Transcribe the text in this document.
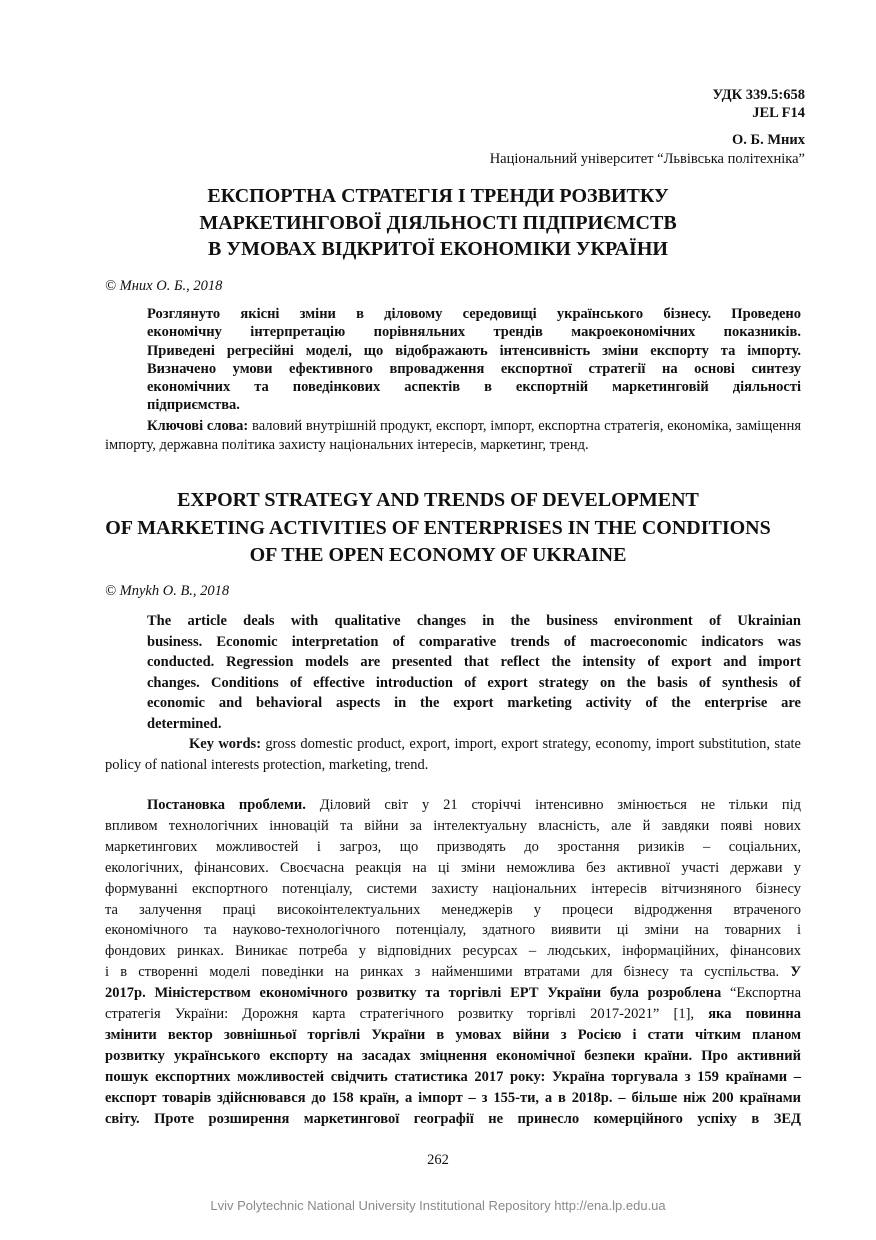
УДК 339.5:658
JEL F14
О. Б. Мних
Національний університет “Львівська політехніка”
ЕКСПОРТНА СТРАТЕГІЯ І ТРЕНДИ РОЗВИТКУ
МАРКЕТИНГОВОЇ ДІЯЛЬНОСТІ ПІДПРИЄМСТВ
В УМОВАХ ВІДКРИТОЇ ЕКОНОМІКИ УКРАЇНИ
© Мних О. Б., 2018
Розглянуто якісні зміни в діловому середовищі українського бізнесу. Проведено
економічну інтерпретацію порівняльних трендів макроекономічних показників.
Приведені регресійні моделі, що відображають інтенсивність зміни експорту та імпорту.
Визначено умови ефективного впровадження експортної стратегії на основі синтезу
економічних та поведінкових аспектів в експортній маркетинговій діяльності
підприємства.
Ключові слова: валовий внутрішній продукт, експорт, імпорт, експортна стратегія, економіка, заміщення імпорту, державна політика захисту національних інтересів, маркетинг, тренд.
EXPORT STRATEGY AND TRENDS OF DEVELOPMENT
OF MARKETING ACTIVITIES OF ENTERPRISES IN THE CONDITIONS
OF THE OPEN ECONOMY OF UKRAINE
© Mnykh O. B., 2018
The article deals with qualitative changes in the business environment of Ukrainian
business. Economic interpretation of comparative trends of macroeconomic indicators was
conducted. Regression models are presented that reflect the intensity of export and import
changes. Conditions of effective introduction of export strategy on the basis of synthesis of
economic and behavioral aspects in the export marketing activity of the enterprise are
determined.
Key words: gross domestic product, export, import, export strategy, economy, import substitution, state policy of national interests protection, marketing, trend.
Постановка проблеми. Діловий світ у 21 сторіччі інтенсивно змінюється не тільки під
впливом технологічних інновацій та війни за інтелектуальну власність, але й завдяки появі нових
маркетингових можливостей і загроз, що призводять до зростання ризиків – соціальних,
екологічних, фінансових. Своєчасна реакція на ці зміни неможлива без активної участі держави у
формуванні експортного потенціалу, системи захисту національних інтересів вітчизняного бізнесу
та залучення праці високоінтелектуальних менеджерів у процеси відродження втраченого
економічного та науково-технологічного потенціалу, здатного виявити ці зміни на товарних і
фондових ринках. Виникає потреба у відповідних ресурсах – людських, інформаційних, фінансових
і в створенні моделі поведінки на ринках з найменшими втратами для бізнесу та суспільства. У
2017р. Міністерством економічного розвитку та торгівлі ЕРТ України була розроблена “Експортна
стратегія України: Дорожня карта стратегічного розвитку торгівлі 2017-2021” [1], яка повинна
змінити вектор зовнішньої торгівлі України в умовах війни з Росією і стати чітким планом
розвитку українського експорту на засадах зміцнення економічної безпеки країни. Про активний
пошук експортних можливостей свідчить статистика 2017 року: Україна торгувала з 159 країнами –
експорт товарів здійснювався до 158 країн, а імпорт – з 155-ти, а в 2018р. – більше ніж 200 країнами
світу. Проте розширення маркетингової географії не принесло комерційного успіху в ЗЕД
262
Lviv Polytechnic National University Institutional Repository http://ena.lp.edu.ua
